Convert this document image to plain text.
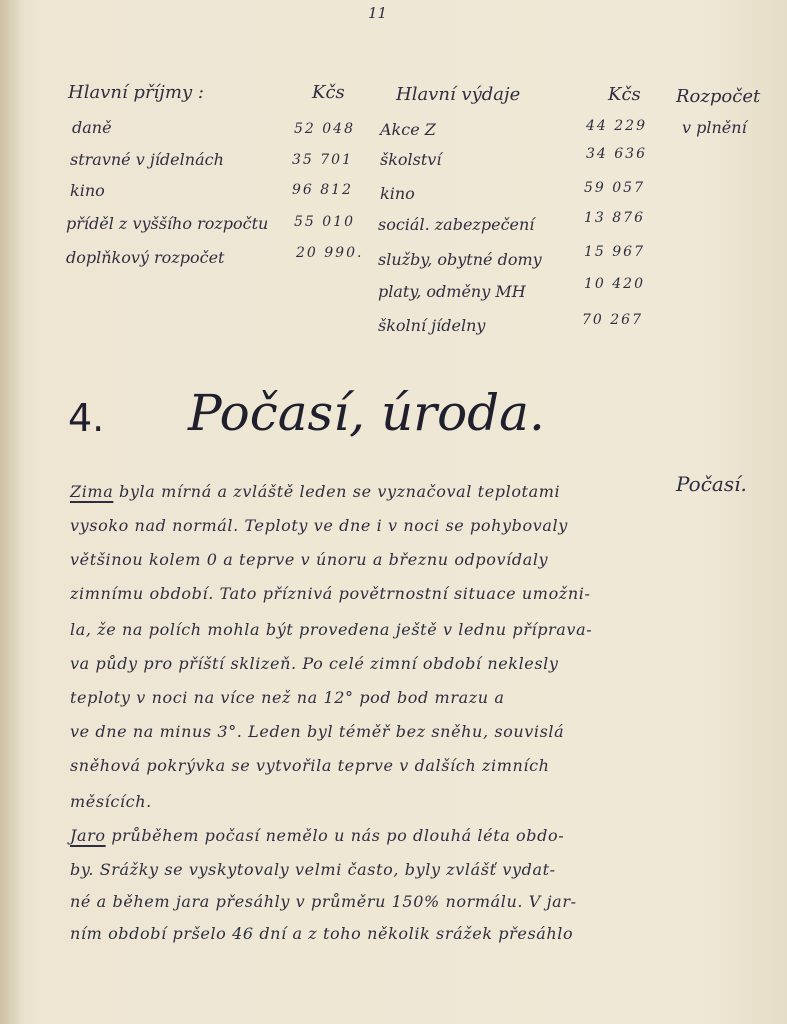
11
Hlavní příjmy :	Kčs
daně	52 048
stravné v jídelnách	35 701
kino	96 812
příděl z vyššího rozpočtu 55 010
doplňkový rozpočet	20 990.
Hlavní výdaje	Kčs
Akce Z	44 229
školství	34 636
kino	59 057
sociál. zabezpečení	13 876
služby, obytné domy	15 967
platy, odměny MH	10 420
školní jídelny	70 267
Rozpočet
v plnění
4. Počasí, úroda.
Počasí.
Zima byla mírná a zvláště leden se vyznačoval teplotami
vysoko nad normál. Teploty ve dne i v noci se pohybovaly
většinou kolem 0 a teprve v únoru a březnu odpovídaly
zimnímu období. Tato příznivá povětrnostní situace umožni-
la, že na polích mohla být provedena ještě v lednu příprava-
va půdy pro příští sklizeň. Po celé zimní období neklesly
teploty v noci na více než na 12° pod bod mrazu a
ve dne na minus 3°. Leden byl téměř bez sněhu, souvislá
sněhová pokrývka se vytvořila teprve v dalších zimních
měsících.
Jaro průběhem počasí nemělo u nás po dlouhá léta obdo-
by. Srážky se vyskytovaly velmi často, byly zvlášť vydat-
né a během jara přesáhly v průměru 150% normálu. V jar-
ním období pršelo 46 dní a z toho několik srážek přesáhlo
